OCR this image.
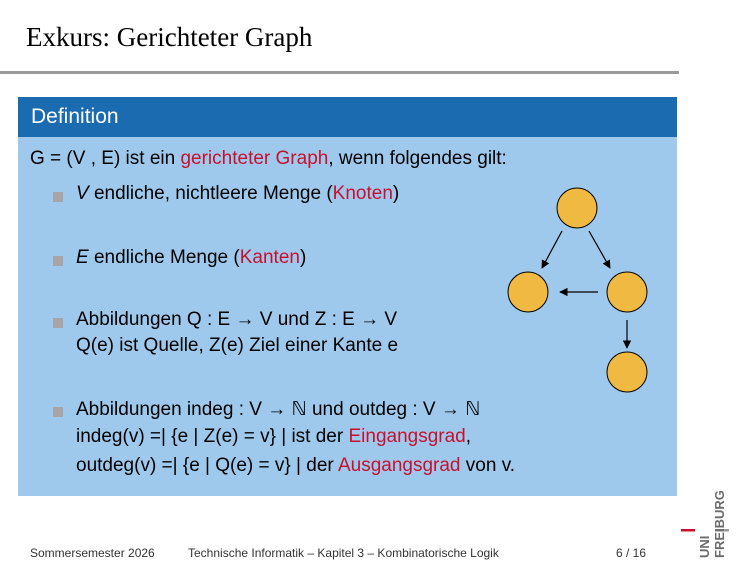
Exkurs: Gerichteter Graph
Definition
G = (V , E) ist ein gerichteter Graph, wenn folgendes gilt:
V endliche, nichtleere Menge (Knoten)
E endliche Menge (Kanten)
Abbildungen Q : E → V und Z : E → V
Q(e) ist Quelle, Z(e) Ziel einer Kante e
Abbildungen indeg : V → ℕ und outdeg : V → ℕ
indeg(v) =| {e | Z(e) = v} | ist der Eingangsgrad,
outdeg(v) =| {e | Q(e) = v} | der Ausgangsgrad von v.
Sommersemester 2026	Technische Informatik – Kapitel 3 – Kombinatorische Logik	6 / 16	UNI FREIBURG
